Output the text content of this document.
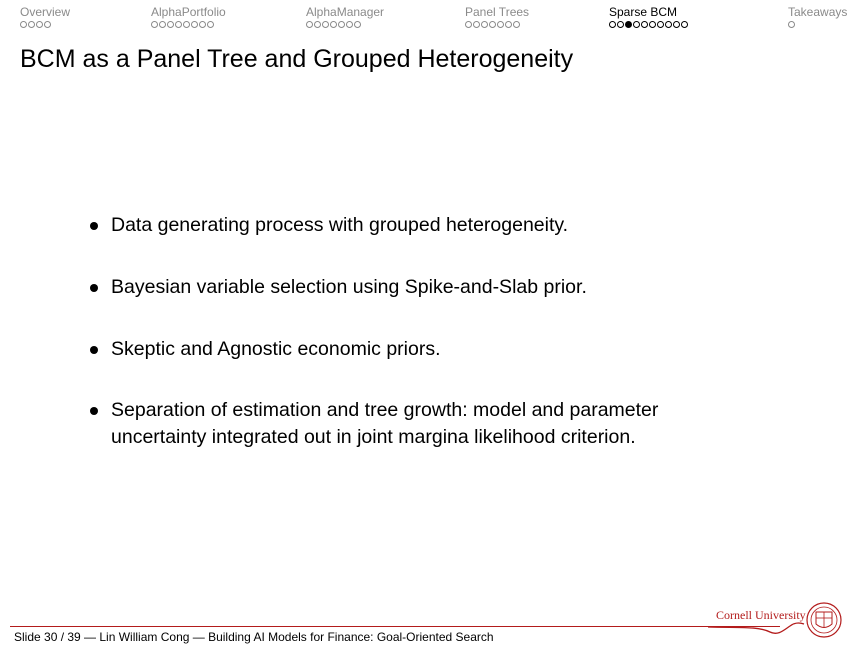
Overview	AlphaPortfolio	AlphaManager	Panel Trees	Sparse BCM	Takeaways
BCM as a Panel Tree and Grouped Heterogeneity
Data generating process with grouped heterogeneity.
Bayesian variable selection using Spike-and-Slab prior.
Skeptic and Agnostic economic priors.
Separation of estimation and tree growth: model and parameter uncertainty integrated out in joint margina likelihood criterion.
Slide 30 / 39 — Lin William Cong — Building AI Models for Finance: Goal-Oriented Search
Cornell University
